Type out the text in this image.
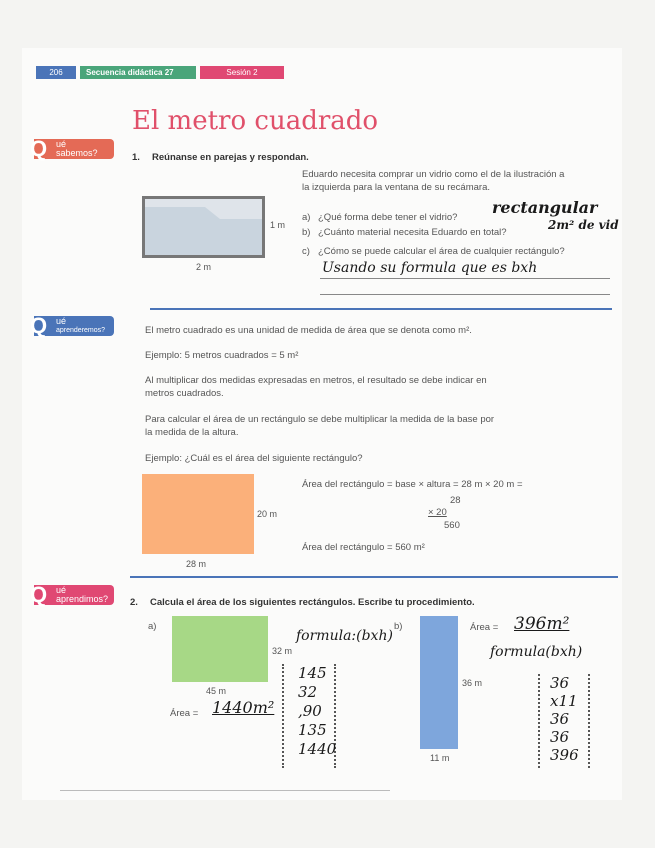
206	Secuencia didáctica 27	Sesión 2
El metro cuadrado
Q ué
sabemos?	1. Reúnanse en parejas y respondan.
1 m
2 m
Eduardo necesita comprar un vidrio como el de la ilustración a
la izquierda para la ventana de su recámara.
a) ¿Qué forma debe tener el vidrio?
rectangular
b) ¿Cuánto material necesita Eduardo en total?
2m² de vid
c) ¿Cómo se puede calcular el área de cualquier rectángulo?
Usando su formula que es bxh
Q ué
aprenderemos?	El metro cuadrado es una unidad de medida de área que se denota como m².
Ejemplo: 5 metros cuadrados = 5 m²
Al multiplicar dos medidas expresadas en metros, el resultado se debe indicar en
metros cuadrados.
Para calcular el área de un rectángulo se debe multiplicar la medida de la base por
la medida de la altura.
Ejemplo: ¿Cuál es el área del siguiente rectángulo?
20 m
28 m
Área del rectángulo = base × altura = 28 m × 20 m =
28
× 20
560
Área del rectángulo = 560 m²
Q ué
aprendimos?	2. Calcula el área de los siguientes rectángulos. Escribe tu procedimiento.
a)
32 m
45 m
formula:(bxh)
Área = 1440m²
145
32
,90
135
1440
b)
36 m
11 m
Área = 396m²
formula(bxh)
36
x11
36
36
396
